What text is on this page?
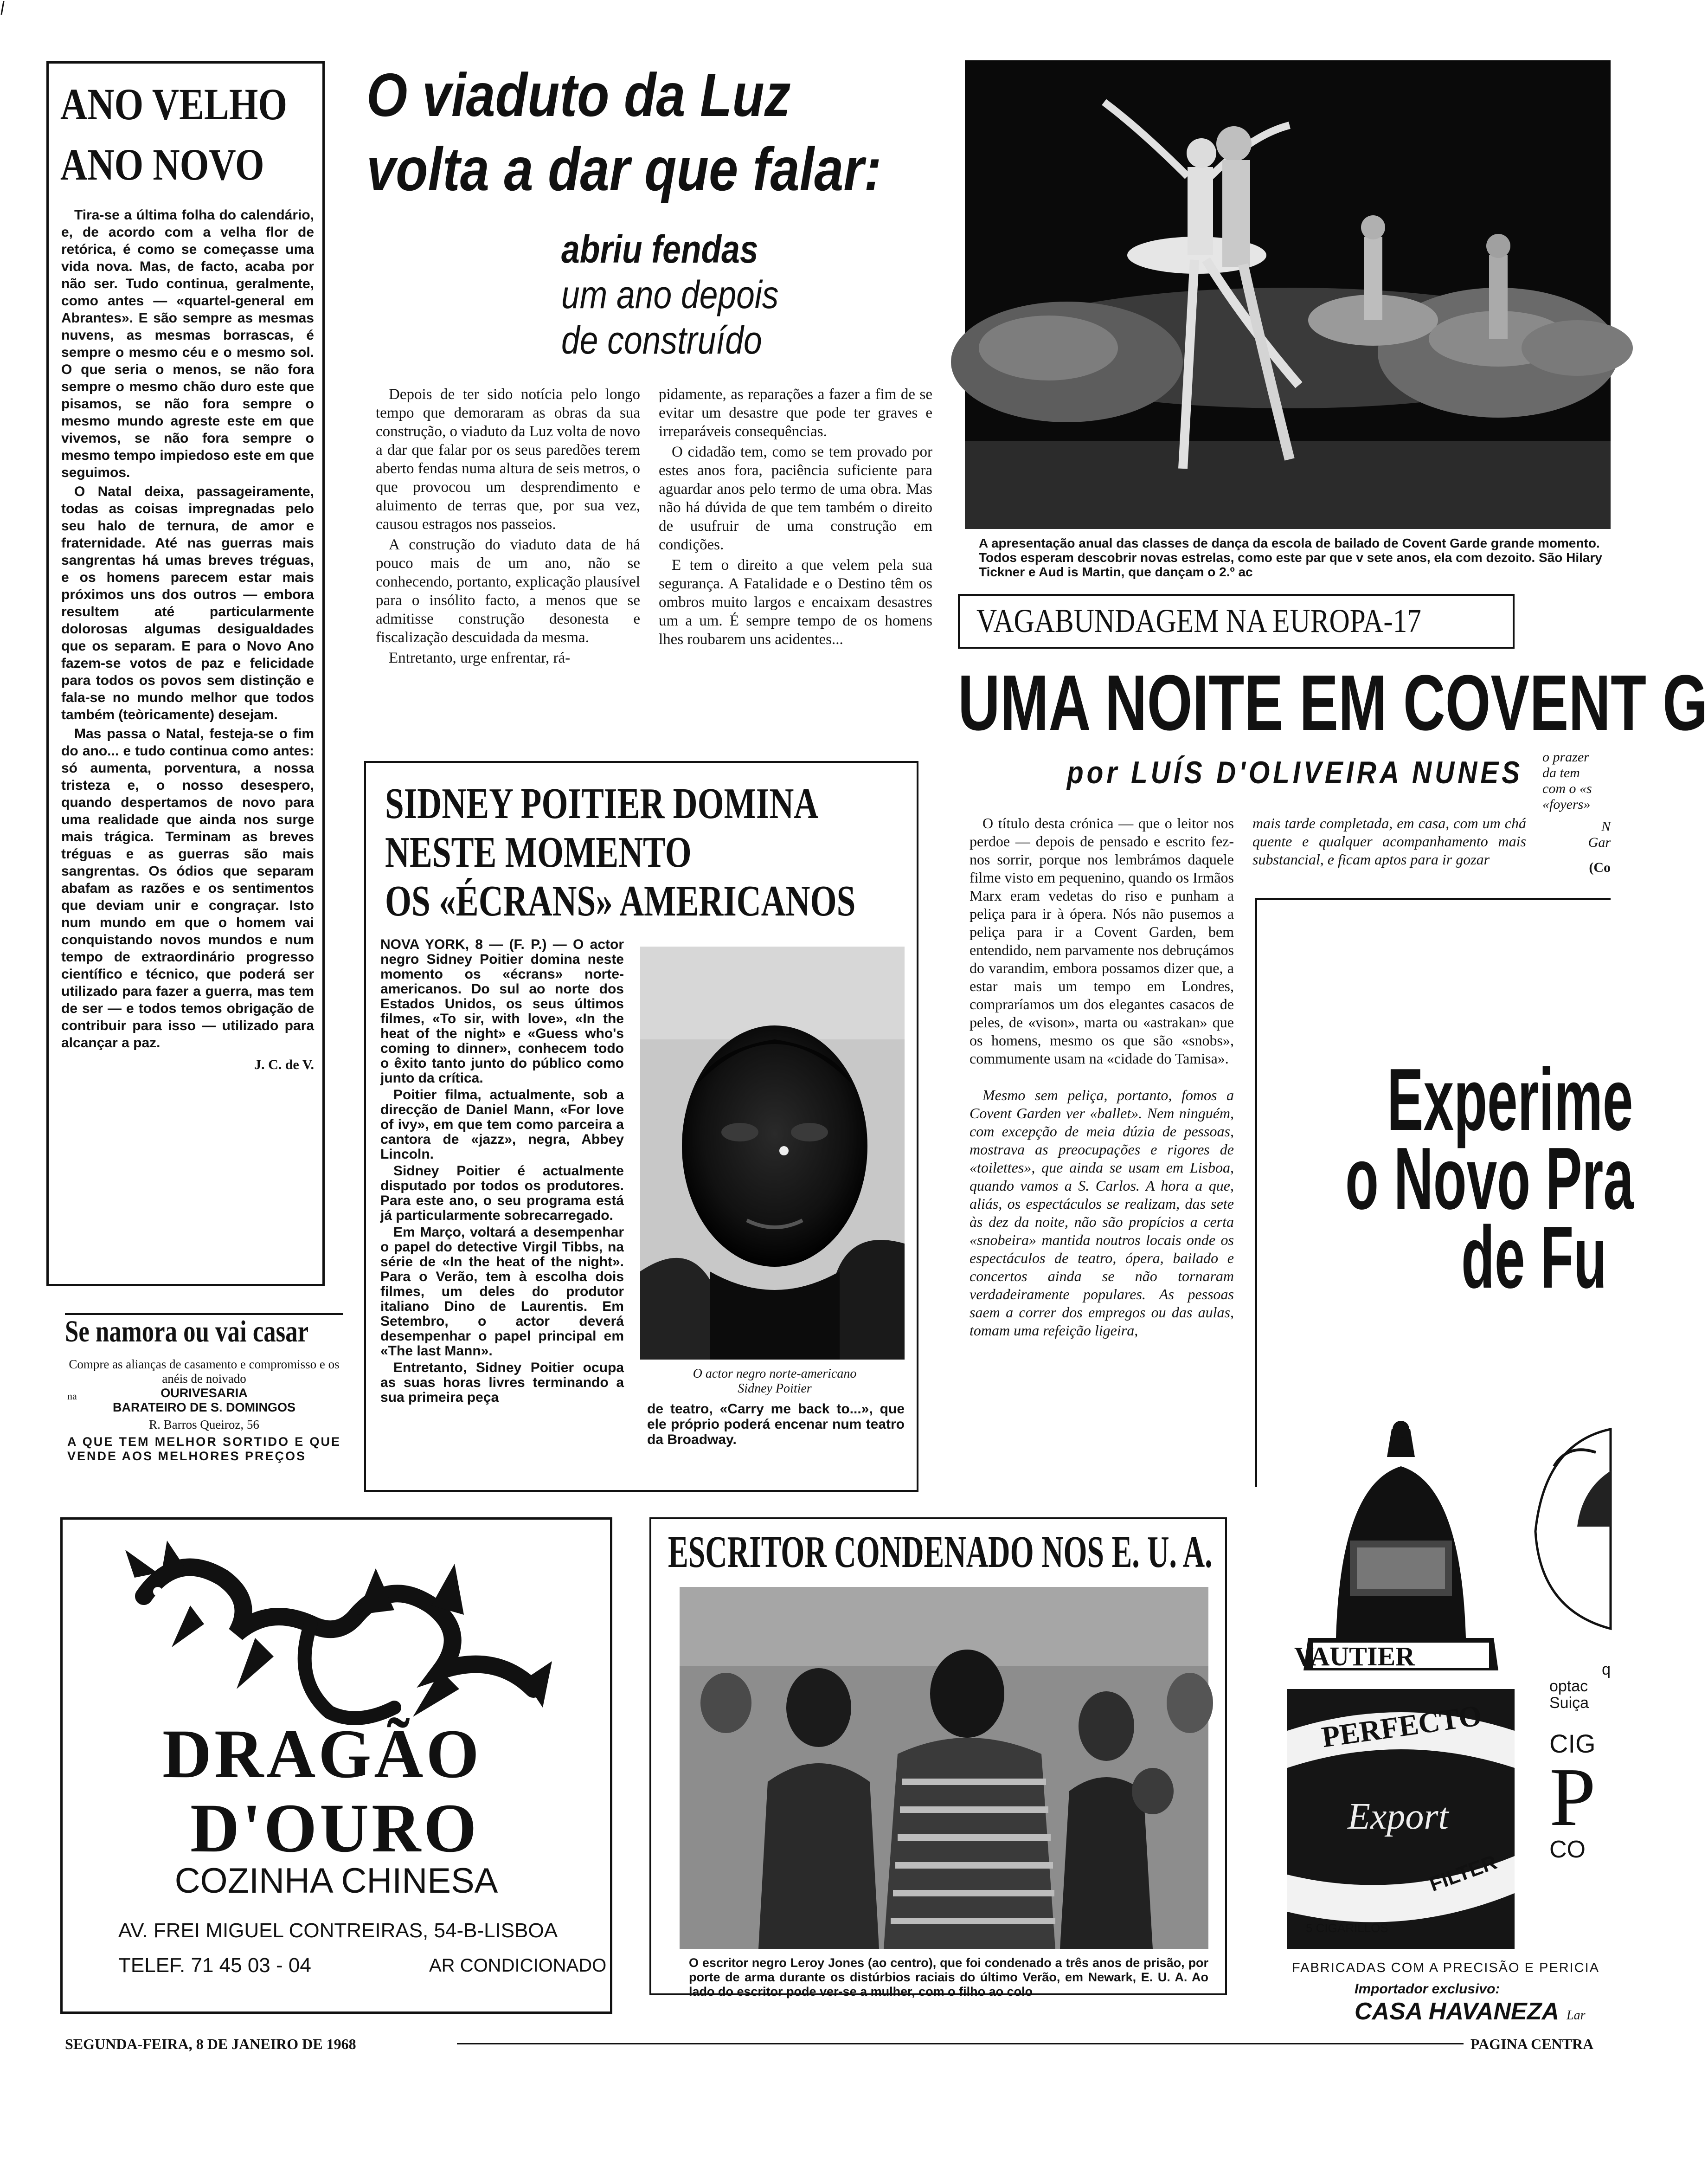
ANO VELHO
ANO NOVO

Tira-se a última folha do calendário, e, de acordo com a velha flor de retórica, é como se começasse uma vida nova. Mas, de facto, acaba por não ser. Tudo continua, geralmente, como antes — «quartel-general em Abrantes». E são sempre as mesmas nuvens, as mesmas borrascas, é sempre o mesmo céu e o mesmo sol. O que seria o menos, se não fora sempre o mesmo chão duro este que pisamos, se não fora sempre o mesmo mundo agreste este em que vivemos, se não fora sempre o mesmo tempo impiedoso este em que seguimos.

O Natal deixa, passageiramente, todas as coisas impregnadas pelo seu halo de ternura, de amor e fraternidade. Até nas guerras mais sangrentas há umas breves tréguas, e os homens parecem estar mais próximos uns dos outros — embora resultem até particularmente dolorosas algumas desigualdades que os separam. E para o Novo Ano fazem-se votos de paz e felicidade para todos os povos sem distinção e fala-se no mundo melhor que todos também (teòricamente) desejam.

Mas passa o Natal, festeja-se o fim do ano... e tudo continua como antes: só aumenta, porventura, a nossa tristeza e, o nosso desespero, quando despertamos de novo para uma realidade que ainda nos surge mais trágica. Terminam as breves tréguas e as guerras são mais sangrentas. Os ódios que separam abafam as razões e os sentimentos que deviam unir e congraçar. Isto num mundo em que o homem vai conquistando novos mundos e num tempo de extraordinário progresso científico e técnico, que poderá ser utilizado para fazer a guerra, mas tem de ser — e todos temos obrigação de contribuir para isso — utilizado para alcançar a paz.

J. C. de V.

Se namora ou vai casar
Compre as alianças de casamento e compromisso e os anéis de noivado
na	OURIVESARIA
BARATEIRO DE S. DOMINGOS
R. Barros Queiroz, 56
A QUE TEM MELHOR SORTIDO E QUE VENDE AOS MELHORES PREÇOS
O viaduto da Luz
volta a dar que falar:
abriu fendas
um ano depois
de construído

Depois de ter sido notícia pelo longo tempo que demoraram as obras da sua construção, o viaduto da Luz volta de novo a dar que falar por os seus paredões terem aberto fendas numa altura de seis metros, o que provocou um desprendimento e aluimento de terras que, por sua vez, causou estragos nos passeios.

A construção do viaduto data de há pouco mais de um ano, não se conhecendo, portanto, explicação plausível para o insólito facto, a menos que se admitisse construção desonesta e fiscalização descuidada da mesma.

Entretanto, urge enfrentar, rá-

pidamente, as reparações a fazer a fim de se evitar um desastre que pode ter graves e irreparáveis consequências.

O cidadão tem, como se tem provado por estes anos fora, paciência suficiente para aguardar anos pelo termo de uma obra. Mas não há dúvida de que tem também o direito de usufruir de uma construção em condições.

E tem o direito a que velem pela sua segurança. A Fatalidade e o Destino têm os ombros muito largos e encaixam desastres um a um. É sempre tempo de os homens lhes roubarem uns acidentes...

SIDNEY POITIER DOMINA
NESTE MOMENTO
OS «ÉCRANS» AMERICANOS

NOVA YORK, 8 — (F. P.) — O actor negro Sidney Poitier domina neste momento os «écrans» norte-americanos. Do sul ao norte dos Estados Unidos, os seus últimos filmes, «To sir, with love», «In the heat of the night» e «Guess who's coming to dinner», conhecem todo o êxito tanto junto do público como junto da crítica.

Poitier filma, actualmente, sob a direcção de Daniel Mann, «For love of ivy», em que tem como parceira a cantora de «jazz», negra, Abbey Lincoln.

Sidney Poitier é actualmente disputado por todos os produtores. Para este ano, o seu programa está já particularmente sobrecarregado.

Em Março, voltará a desempenhar o papel do detective Virgil Tibbs, na série de «In the heat of the night». Para o Verão, tem à escolha dois filmes, um deles do produtor italiano Dino de Laurentis. Em Setembro, o actor deverá desempenhar o papel principal em «The last Mann».

Entretanto, Sidney Poitier ocupa as suas horas livres terminando a sua primeira peça

O actor negro norte-americano Sidney Poitier

de teatro, «Carry me back to...», que ele próprio poderá encenar num teatro da Broadway.

A apresentação anual das classes de dança da escola de bailado de Covent Garde grande momento. Todos esperam descobrir novas estrelas, como este par que v sete anos, ela com dezoito. São Hilary Tickner e Aud is Martin, que dançam o 2.º ac
VAGABUNDAGEM NA EUROPA-17
UMA NOITE EM COVENT G
por LUÍS D'OLIVEIRA NUNES

O título desta crónica — que o leitor nos perdoe — depois de pensado e escrito fez-nos sorrir, porque nos lembrámos daquele filme visto em pequenino, quando os Irmãos Marx eram vedetas do riso e punham a peliça para ir à ópera. Nós não pusemos a peliça para ir a Covent Garden, bem entendido, nem parvamente nos debruçámos do varandim, embora possamos dizer que, a estar mais um tempo em Londres, compraríamos um dos elegantes casacos de peles, de «vison», marta ou «astrakan» que os homens, mesmo os que são «snobs», commumente usam na «cidade do Tamisa».

Mesmo sem peliça, portanto, fomos a Covent Garden ver «ballet». Nem ninguém, com excepção de meia dúzia de pessoas, mostrava as preocupações e rigores de «toilettes», que ainda se usam em Lisboa, quando vamos a S. Carlos. A hora a que, aliás, os espectáculos se realizam, das sete às dez da noite, não são propícios a certa «snobeira» mantida noutros locais onde os espectáculos de teatro, ópera, bailado e concertos ainda se não tornaram verdadeiramente populares. As pessoas saem a correr dos empregos ou das aulas, tomam uma refeição ligeira,

mais tarde completada, em casa, com um chá quente e qualquer acompanhamento mais substancial, e ficam aptos para ir gozar

o prazer
da tem
com o «s
«foyers»
N
Gar
(Co
Experime
o Novo Pra
de Fu
VAUTIER
PERFECTO
Export
FILTER
5 CIGARILLOS
q
optac
Suiça
CIG
P
CO
FABRICADAS COM A PRECISÃO E PERICIA
Importador exclusivo:
CASA HAVANEZA Lar
DRAGÃO
D'OURO
COZINHA CHINESA
AV. FREI MIGUEL CONTREIRAS, 54-B-LISBOA
TELEF. 71 45 03 - 04	AR CONDICIONADO
ESCRITOR CONDENADO NOS E. U. A.
O escritor negro Leroy Jones (ao centro), que foi condenado a três anos de prisão, por porte de arma durante os distúrbios raciais do último Verão, em Newark, E. U. A. Ao lado do escritor pode ver-se a mulher, com o filho ao colo
SEGUNDA-FEIRA, 8 DE JANEIRO DE 1968	PAGINA CENTRA
